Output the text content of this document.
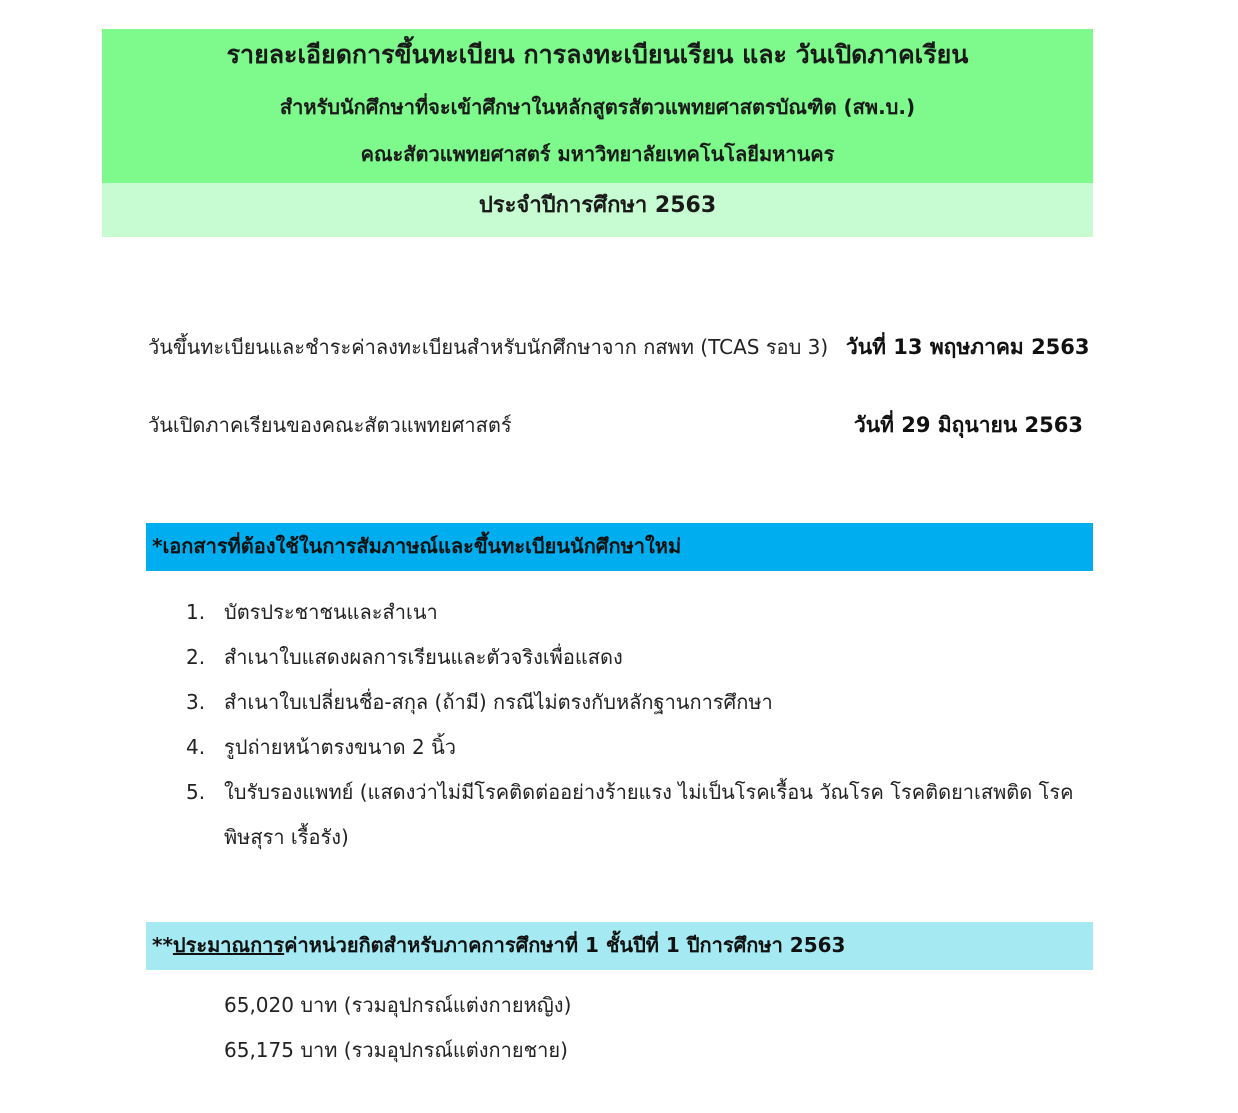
รายละเอียดการขึ้นทะเบียน การลงทะเบียนเรียน และ วันเปิดภาคเรียน
สำหรับนักศึกษาที่จะเข้าศึกษาในหลักสูตรสัตวแพทยศาสตรบัณฑิต (สพ.บ.)
คณะสัตวแพทยศาสตร์ มหาวิทยาลัยเทคโนโลยีมหานคร
ประจำปีการศึกษา 2563
วันขึ้นทะเบียนและชำระค่าลงทะเบียนสำหรับนักศึกษาจาก กสพท (TCAS รอบ 3) วันที่ 13 พฤษภาคม 2563
วันเปิดภาคเรียนของคณะสัตวแพทยศาสตร์	วันที่ 29 มิถุนายน 2563
*เอกสารที่ต้องใช้ในการสัมภาษณ์และขึ้นทะเบียนนักศึกษาใหม่
1. บัตรประชาชนและสำเนา
2. สำเนาใบแสดงผลการเรียนและตัวจริงเพื่อแสดง
3. สำเนาใบเปลี่ยนชื่อ-สกุล (ถ้ามี) กรณีไม่ตรงกับหลักฐานการศึกษา
4. รูปถ่ายหน้าตรงขนาด 2 นิ้ว
5. ใบรับรองแพทย์ (แสดงว่าไม่มีโรคติดต่ออย่างร้ายแรง ไม่เป็นโรคเรื้อน วัณโรค โรคติดยาเสพติด โรคพิษสุรา เรื้อรัง)
**ประมาณการค่าหน่วยกิตสำหรับภาคการศึกษาที่ 1 ชั้นปีที่ 1 ปีการศึกษา 2563
65,020 บาท (รวมอุปกรณ์แต่งกายหญิง)
65,175 บาท (รวมอุปกรณ์แต่งกายชาย)
